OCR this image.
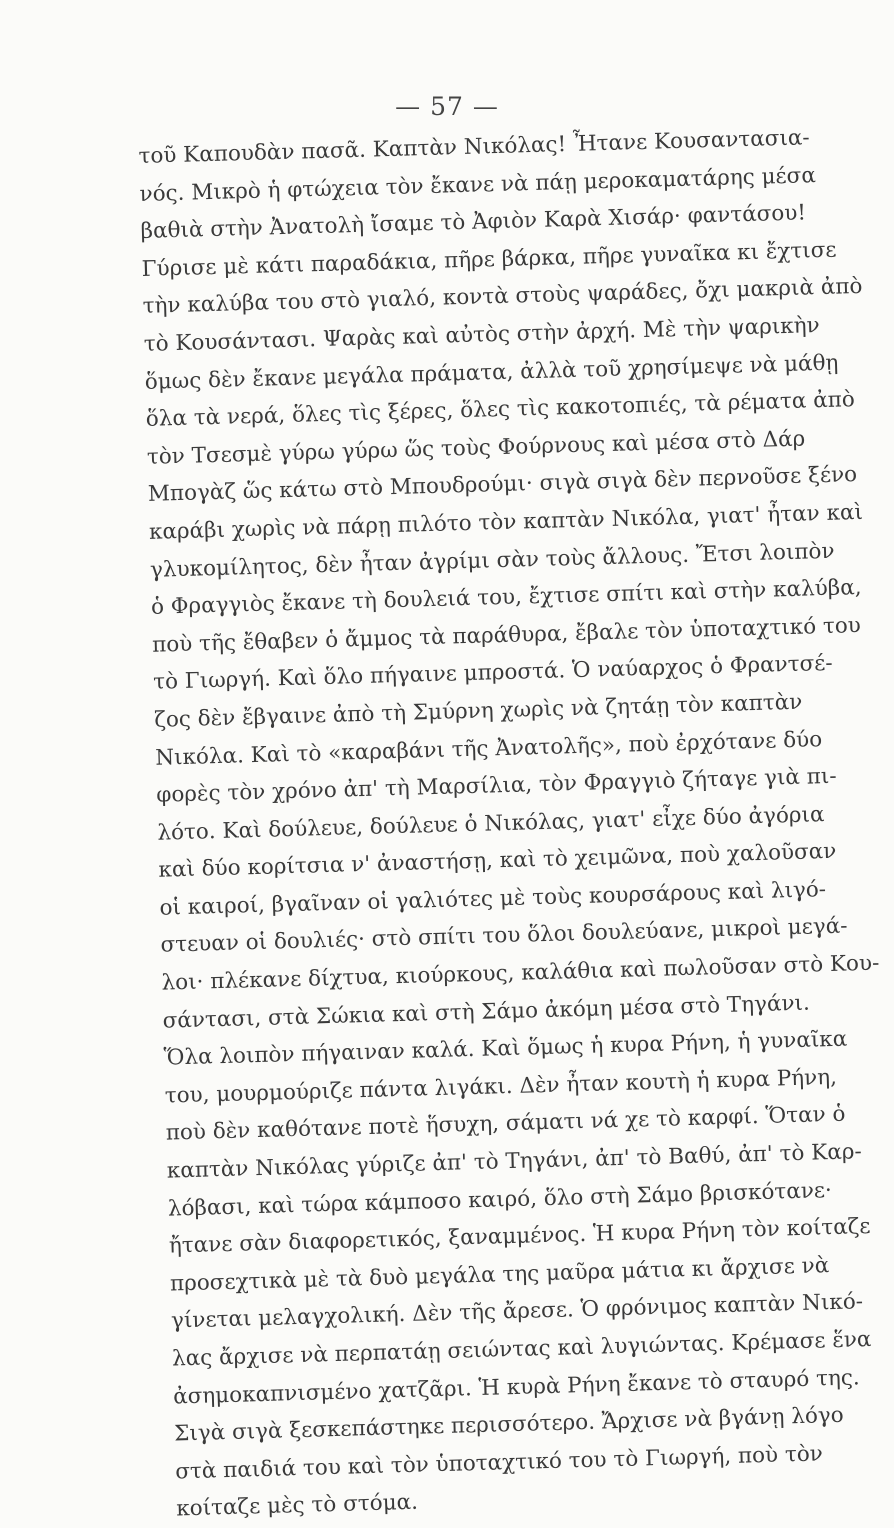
— 57 —
τοῦ Καπουδὰν πασᾶ. Καπτὰν Νικόλας! Ἦτανε Κουσαντασια-
νός. Μικρὸ ἡ φτώχεια τὸν ἔκανε νὰ πάῃ μεροκαματάρης μέσα
βαθιὰ στὴν Ἀνατολὴ ἴσαμε τὸ Ἀφιὸν Καρὰ Χισάρ· φαντάσου!
Γύρισε μὲ κάτι παραδάκια, πῆρε βάρκα, πῆρε γυναῖκα κι ἔχτισε
τὴν καλύβα του στὸ γιαλό, κοντὰ στοὺς ψαράδες, ὄχι μακριὰ ἀπὸ
τὸ Κουσάντασι. Ψαρὰς καὶ αὐτὸς στὴν ἀρχή. Μὲ τὴν ψαρικὴν
ὅμως δὲν ἔκανε μεγάλα πράματα, ἀλλὰ τοῦ χρησίμεψε νὰ μάθῃ
ὅλα τὰ νερά, ὅλες τὶς ξέρες, ὅλες τὶς κακοτοπιές, τὰ ρέματα ἀπὸ
τὸν Τσεσμὲ γύρω γύρω ὥς τοὺς Φούρνους καὶ μέσα στὸ Δάρ
Μπογὰζ ὥς κάτω στὸ Μπουδρούμι· σιγὰ σιγὰ δὲν περνοῦσε ξένο
καράβι χωρὶς νὰ πάρῃ πιλότο τὸν καπτὰν Νικόλα, γιατ' ἦταν καὶ
γλυκομίλητος, δὲν ἦταν ἀγρίμι σὰν τοὺς ἄλλους. Ἔτσι λοιπὸν
ὁ Φραγγιὸς ἔκανε τὴ δουλειά του, ἔχτισε σπίτι καὶ στὴν καλύβα,
ποὺ τῆς ἔθαβεν ὁ ἄμμος τὰ παράθυρα, ἔβαλε τὸν ὑποταχτικό του
τὸ Γιωργή. Καὶ ὅλο πήγαινε μπροστά. Ὁ ναύαρχος ὁ Φραντσέ-
ζος δὲν ἔβγαινε ἀπὸ τὴ Σμύρνη χωρὶς νὰ ζητάῃ τὸν καπτὰν
Νικόλα. Καὶ τὸ «καραβάνι τῆς Ἀνατολῆς», ποὺ ἐρχότανε δύο
φορὲς τὸν χρόνο ἀπ' τὴ Μαρσίλια, τὸν Φραγγιὸ ζήταγε γιὰ πι-
λότο. Καὶ δούλευε, δούλευε ὁ Νικόλας, γιατ' εἶχε δύο ἀγόρια
καὶ δύο κορίτσια ν' ἀναστήσῃ, καὶ τὸ χειμῶνα, ποὺ χαλοῦσαν
οἱ καιροί, βγαῖναν οἱ γαλιότες μὲ τοὺς κουρσάρους καὶ λιγό-
στευαν οἱ δουλιές· στὸ σπίτι του ὅλοι δουλεύανε, μικροὶ μεγά-
λοι· πλέκανε δίχτυα, κιούρκους, καλάθια καὶ πωλοῦσαν στὸ Κου-
σάντασι, στὰ Σώκια καὶ στὴ Σάμο ἀκόμη μέσα στὸ Τηγάνι.
Ὅλα λοιπὸν πήγαιναν καλά. Καὶ ὅμως ἡ κυρα Ρήνη, ἡ γυναῖκα
του, μουρμούριζε πάντα λιγάκι. Δὲν ἦταν κουτὴ ἡ κυρα Ρήνη,
ποὺ δὲν καθότανε ποτὲ ἥσυχη, σάματι νά χε τὸ καρφί. Ὅταν ὁ
καπτὰν Νικόλας γύριζε ἀπ' τὸ Τηγάνι, ἀπ' τὸ Βαθύ, ἀπ' τὸ Καρ-
λόβασι, καὶ τώρα κάμποσο καιρό, ὅλο στὴ Σάμο βρισκότανε·
ἤτανε σὰν διαφορετικός, ξαναμμένος. Ἡ κυρα Ρήνη τὸν κοίταζε
προσεχτικὰ μὲ τὰ δυὸ μεγάλα της μαῦρα μάτια κι ἄρχισε νὰ
γίνεται μελαγχολική. Δὲν τῆς ἄρεσε. Ὁ φρόνιμος καπτὰν Νικό-
λας ἄρχισε νὰ περπατάῃ σειώντας καὶ λυγιώντας. Κρέμασε ἕνα
ἀσημοκαπνισμένο χατζᾶρι. Ἡ κυρὰ Ρήνη ἔκανε τὸ σταυρό της.
Σιγὰ σιγὰ ξεσκεπάστηκε περισσότερο. Ἄρχισε νὰ βγάνῃ λόγο
στὰ παιδιά του καὶ τὸν ὑποταχτικό του τὸ Γιωργή, ποὺ τὸν
κοίταζε μὲς τὸ στόμα.
